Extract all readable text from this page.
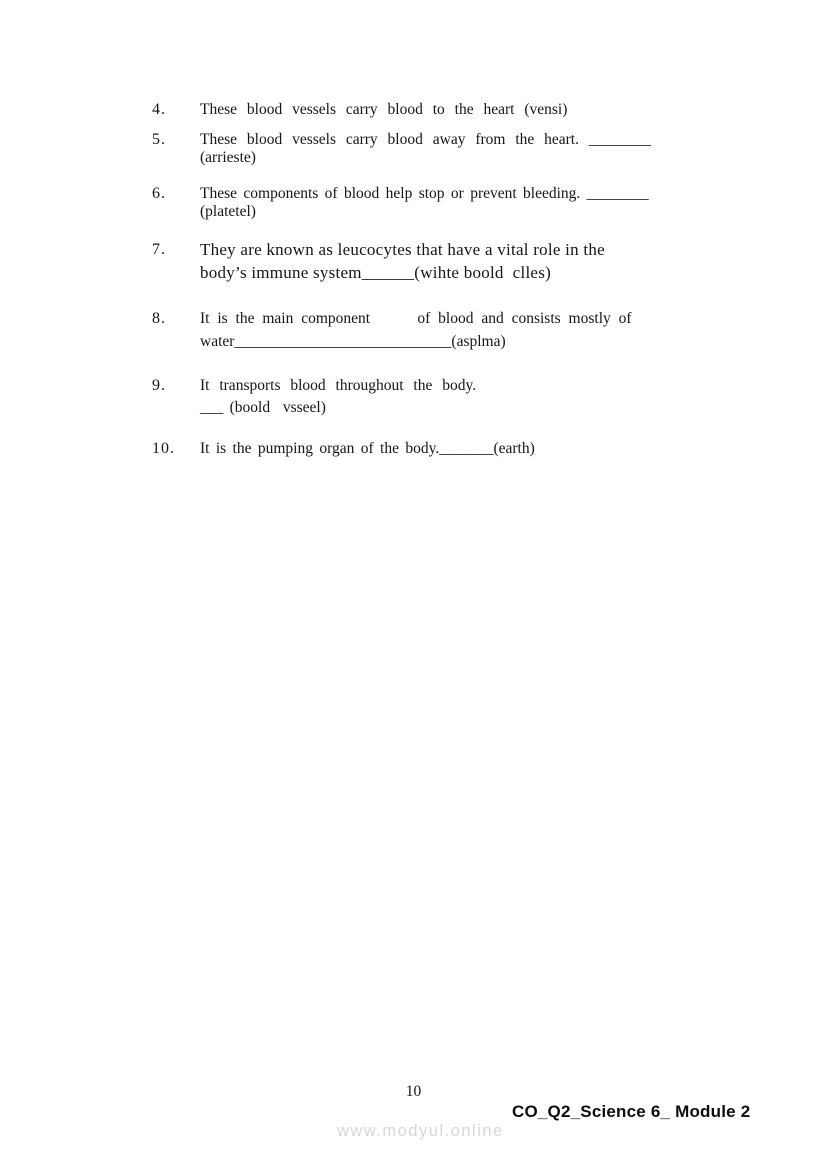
4.	These blood vessels carry blood to the heart (vensi)
5.	These blood vessels carry blood away from the heart. ________
(arrieste)
6.	These components of blood help stop or prevent bleeding. ________
(platetel)
7.	They are known as leucocytes that have a vital role in the
body’s immune system______(wihte boold  clles)
8.	It is the main component      of blood and consists mostly of
water____________________________(asplma)
9.	It transports blood throughout the body.
___ (boold  vsseel)
10.	It is the pumping organ of the body._______(earth)
10
CO_Q2_Science 6_ Module 2
www.modyul.online
